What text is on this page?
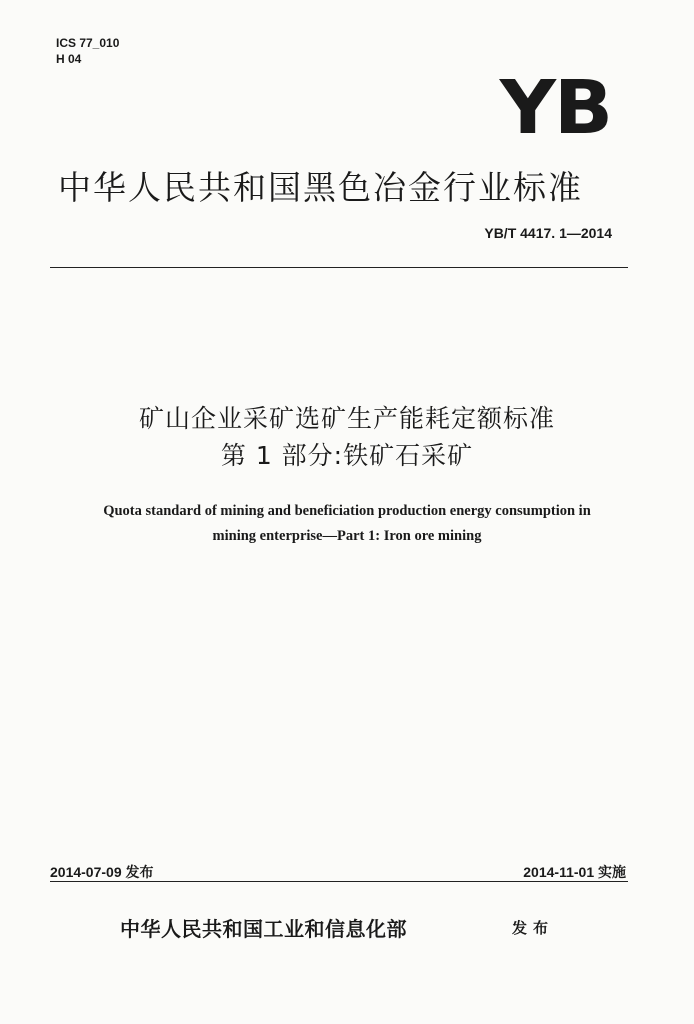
ICS 77_010
H 04
YB
中华人民共和国黑色冶金行业标准
YB/T 4417. 1—2014
矿山企业采矿选矿生产能耗定额标准
第 1 部分:铁矿石采矿
Quota standard of mining and beneficiation production energy consumption in
mining enterprise—Part 1: Iron ore mining
2014-07-09 发布	2014-11-01 实施
中华人民共和国工业和信息化部	发布
